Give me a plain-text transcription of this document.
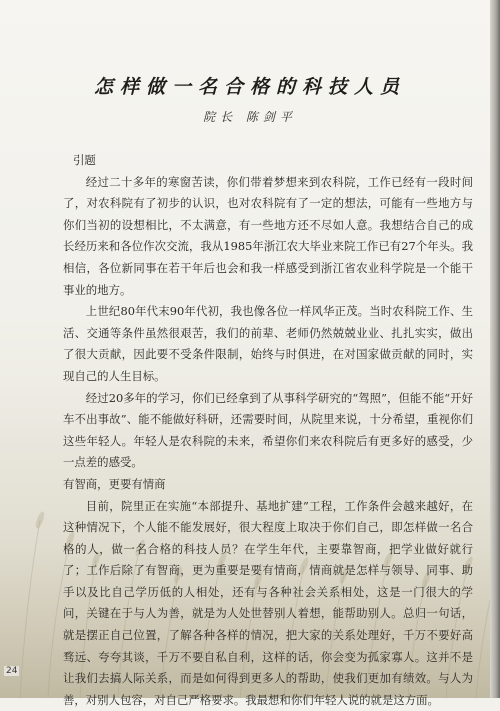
怎样做一名合格的科技人员

院长 陈剑平

引题

经过二十多年的寒窗苦读，你们带着梦想来到农科院，工作已经有一段时间了，对农科院有了初步的认识，也对农科院有了一定的想法，可能有一些地方与你们当初的设想相比，不太满意，有一些地方还不尽如人意。我想结合自己的成长经历来和各位作次交流，我从1985年浙江农大毕业来院工作已有27个年头。我相信，各位新同事在若干年后也会和我一样感受到浙江省农业科学院是一个能干事业的地方。

上世纪80年代末90年代初，我也像各位一样风华正茂。当时农科院工作、生活、交通等条件虽然很艰苦，我们的前辈、老师仍然兢兢业业、扎扎实实，做出了很大贡献，因此要不受条件限制，始终与时俱进，在对国家做贡献的同时，实现自己的人生目标。

经过20多年的学习，你们已经拿到了从事科学研究的“驾照”，但能不能“开好车不出事故”、能不能做好科研，还需要时间，从院里来说，十分希望，重视你们这些年轻人。年轻人是农科院的未来，希望你们来农科院后有更多好的感受，少一点差的感受。

有智商，更要有情商

目前，院里正在实施“本部提升、基地扩建”工程，工作条件会越来越好，在这种情况下，个人能不能发展好，很大程度上取决于你们自己，即怎样做一名合格的人，做一名合格的科技人员？在学生年代，主要靠智商，把学业做好就行了；工作后除了有智商，更为重要是要有情商，情商就是怎样与领导、同事、助手以及比自己学历低的人相处，还有与各种社会关系相处，这是一门很大的学问，关键在于与人为善，就是为人处世替别人着想，能帮助别人。总归一句话，就是摆正自己位置，了解各种各样的情况，把大家的关系处理好，千万不要好高骛远、夸夸其谈，千万不要自私自利，这样的话，你会变为孤家寡人。这并不是让我们去搞人际关系，而是如何得到更多人的帮助，使我们更加有绩效。与人为善，对别人包容，对自己严格要求。我最想和你们年轻人说的就是这方面。

24
